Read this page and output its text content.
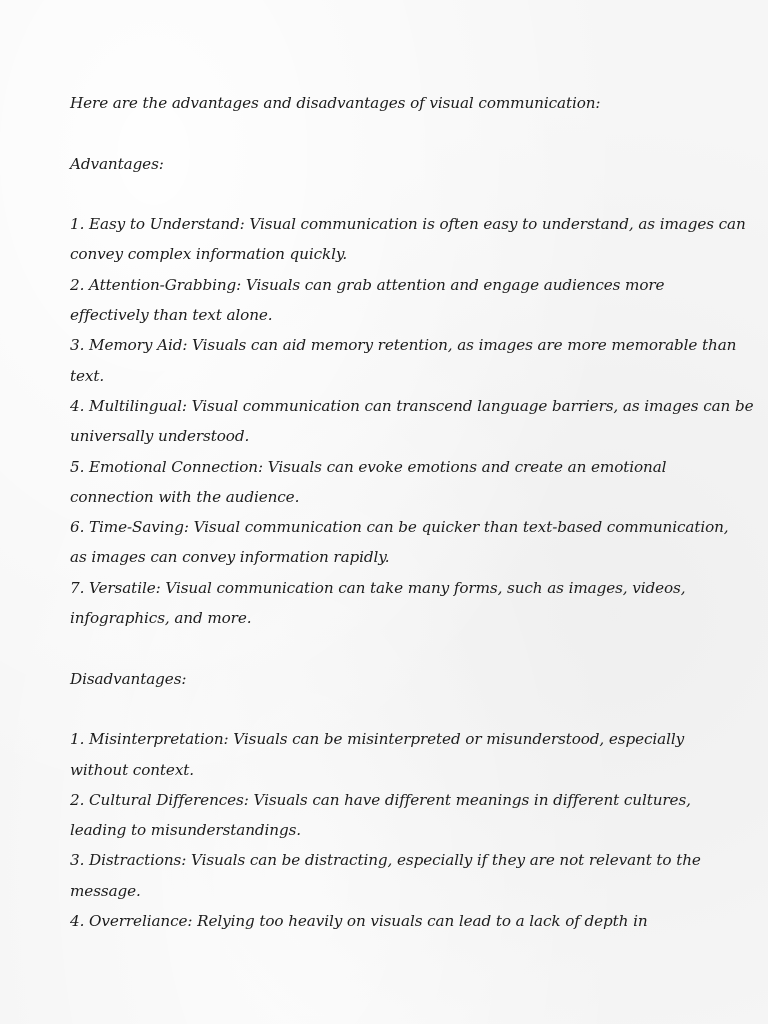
Here are the advantages and disadvantages of visual communication:
Advantages:
1. Easy to Understand: Visual communication is often easy to understand, as images can
convey complex information quickly.
2. Attention-Grabbing: Visuals can grab attention and engage audiences more
effectively than text alone.
3. Memory Aid: Visuals can aid memory retention, as images are more memorable than
text.
4. Multilingual: Visual communication can transcend language barriers, as images can be
universally understood.
5. Emotional Connection: Visuals can evoke emotions and create an emotional
connection with the audience.
6. Time-Saving: Visual communication can be quicker than text-based communication,
as images can convey information rapidly.
7. Versatile: Visual communication can take many forms, such as images, videos,
infographics, and more.
Disadvantages:
1. Misinterpretation: Visuals can be misinterpreted or misunderstood, especially
without context.
2. Cultural Differences: Visuals can have different meanings in different cultures,
leading to misunderstandings.
3. Distractions: Visuals can be distracting, especially if they are not relevant to the
message.
4. Overreliance: Relying too heavily on visuals can lead to a lack of depth in
